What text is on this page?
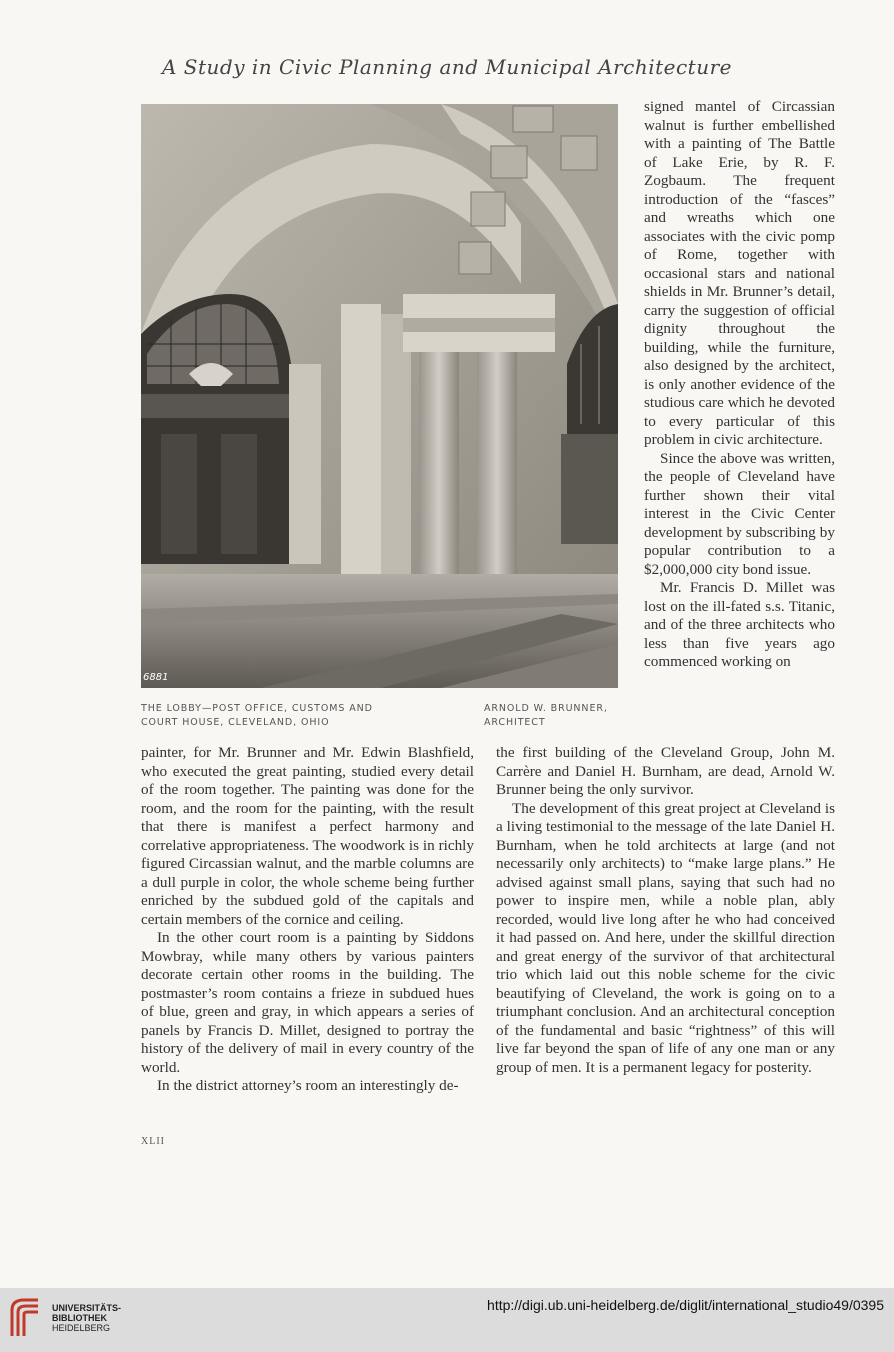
A Study in Civic Planning and Municipal Architecture
6881
THE LOBBY—POST OFFICE, CUSTOMS AND
COURT HOUSE, CLEVELAND, OHIO
ARNOLD W. BRUNNER,
ARCHITECT

signed mantel of Circassian walnut is further embellished with a painting of The Battle of Lake Erie, by R. F. Zogbaum. The frequent introduction of the “fasces” and wreaths which one associates with the civic pomp of Rome, together with occasional stars and national shields in Mr. Brunner’s detail, carry the suggestion of official dignity throughout the building, while the furniture, also designed by the architect, is only another evidence of the studious care which he devoted to every particular of this problem in civic architecture.

Since the above was written, the people of Cleveland have further shown their vital interest in the Civic Center development by subscribing by popular contribution to a $2,000,000 city bond issue.

Mr. Francis D. Millet was lost on the ill-fated s.s. Titanic, and of the three architects who less than five years ago commenced working on

painter, for Mr. Brunner and Mr. Edwin Blashfield, who executed the great painting, studied every detail of the room together. The painting was done for the room, and the room for the painting, with the result that there is manifest a perfect harmony and correlative appropriateness. The woodwork is in richly figured Circassian walnut, and the marble columns are a dull purple in color, the whole scheme being further enriched by the subdued gold of the capitals and certain members of the cornice and ceiling.

In the other court room is a painting by Siddons Mowbray, while many others by various painters decorate certain other rooms in the building. The postmaster’s room contains a frieze in subdued hues of blue, green and gray, in which appears a series of panels by Francis D. Millet, designed to portray the history of the delivery of mail in every country of the world.

In the district attorney’s room an interestingly de-

the first building of the Cleveland Group, John M. Carrère and Daniel H. Burnham, are dead, Arnold W. Brunner being the only survivor.

The development of this great project at Cleveland is a living testimonial to the message of the late Daniel H. Burnham, when he told architects at large (and not necessarily only architects) to “make large plans.” He advised against small plans, saying that such had no power to inspire men, while a noble plan, ably recorded, would live long after he who had conceived it had passed on. And here, under the skillful direction and great energy of the survivor of that architectural trio which laid out this noble scheme for the civic beautifying of Cleveland, the work is going on to a triumphant conclusion. And an architectural conception of the fundamental and basic “rightness” of this will live far beyond the span of life of any one man or any group of men. It is a permanent legacy for posterity.

XLII
UNIVERSITÄTS-
BIBLIOTHEK
HEIDELBERG
http://digi.ub.uni-heidelberg.de/diglit/international_studio49/0395
